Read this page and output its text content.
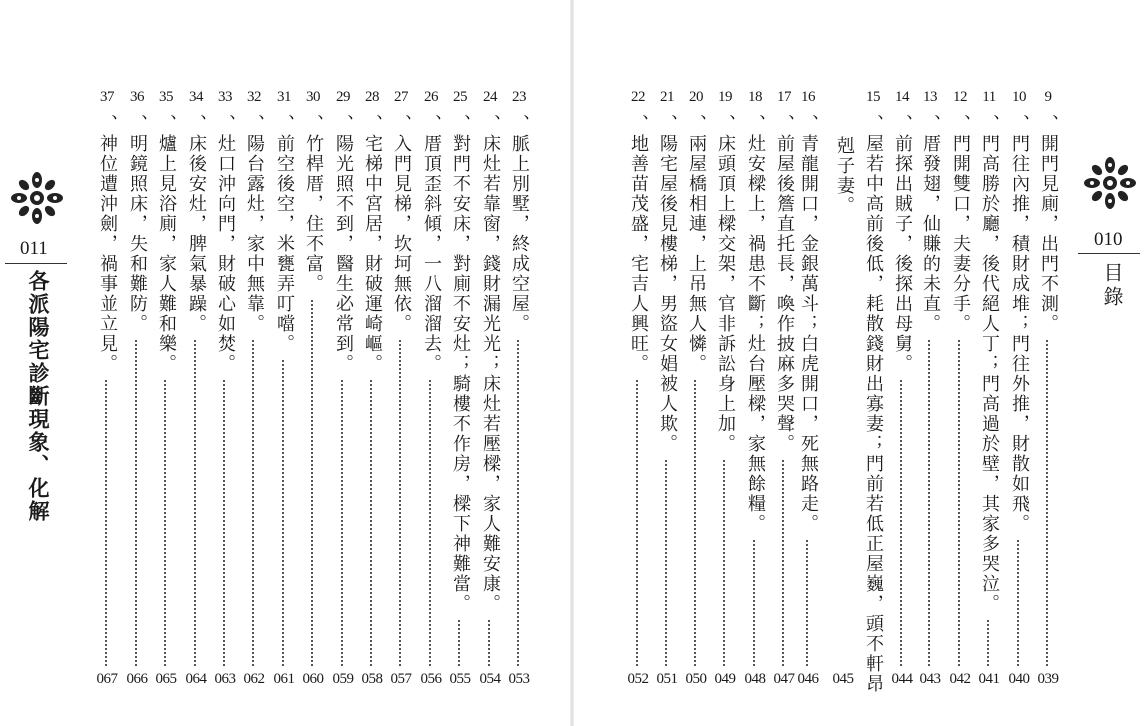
011
各派陽宅診斷現象、化解
23
、脈上別墅，終成空屋。
053
24
、床灶若靠窗，錢財漏光光；床灶若壓樑，家人難安康。
054
25
、對門不安床，對廁不安灶；騎樓不作房，樑下神難當。
055
26
、厝頂歪斜傾，一八溜溜去。
056
27
、入門見梯，坎坷無依。
057
28
、宅梯中宮居，財破運崎嶇。
058
29
、陽光照不到，醫生必常到。
059
30
、竹桿厝，住不富。
060
31
、前空後空，米甕弄叮噹。
061
32
、陽台露灶，家中無靠。
062
33
、灶口沖向門，財破心如焚。
063
34
、床後安灶，脾氣暴躁。
064
35
、爐上見浴廁，家人難和樂。
065
36
、明鏡照床，失和難防。
066
37
、神位遭沖劍，禍事並立見。
067
010
目錄
9
、開門見廁，出門不測。
039
10
、門往內推，積財成堆；門往外推，財散如飛。
040
11
、門高勝於廳，後代絕人丁；門高過於壁，其家多哭泣。
041
12
、門開雙口，夫妻分手。
042
13
、厝發翅，仙賺的未直。
043
14
、前探出賊子，後探出母舅。
044
15
、屋若中高前後低，耗散錢財出寡妻；門前若低正屋巍，頭不軒昂
剋子妻。
045
16
、青龍開口，金銀萬斗；白虎開口，死無路走。
046
17
、前屋後簷直托長，喚作披麻多哭聲。
047
18
、灶安樑上，禍患不斷；灶台壓樑，家無餘糧。
048
19
、床頭頂上樑交架，官非訴訟身上加。
049
20
、兩屋橋相連，上吊無人憐。
050
21
、陽宅屋後見樓梯，男盜女娼被人欺。
051
22
、地善苗茂盛，宅吉人興旺。
052
